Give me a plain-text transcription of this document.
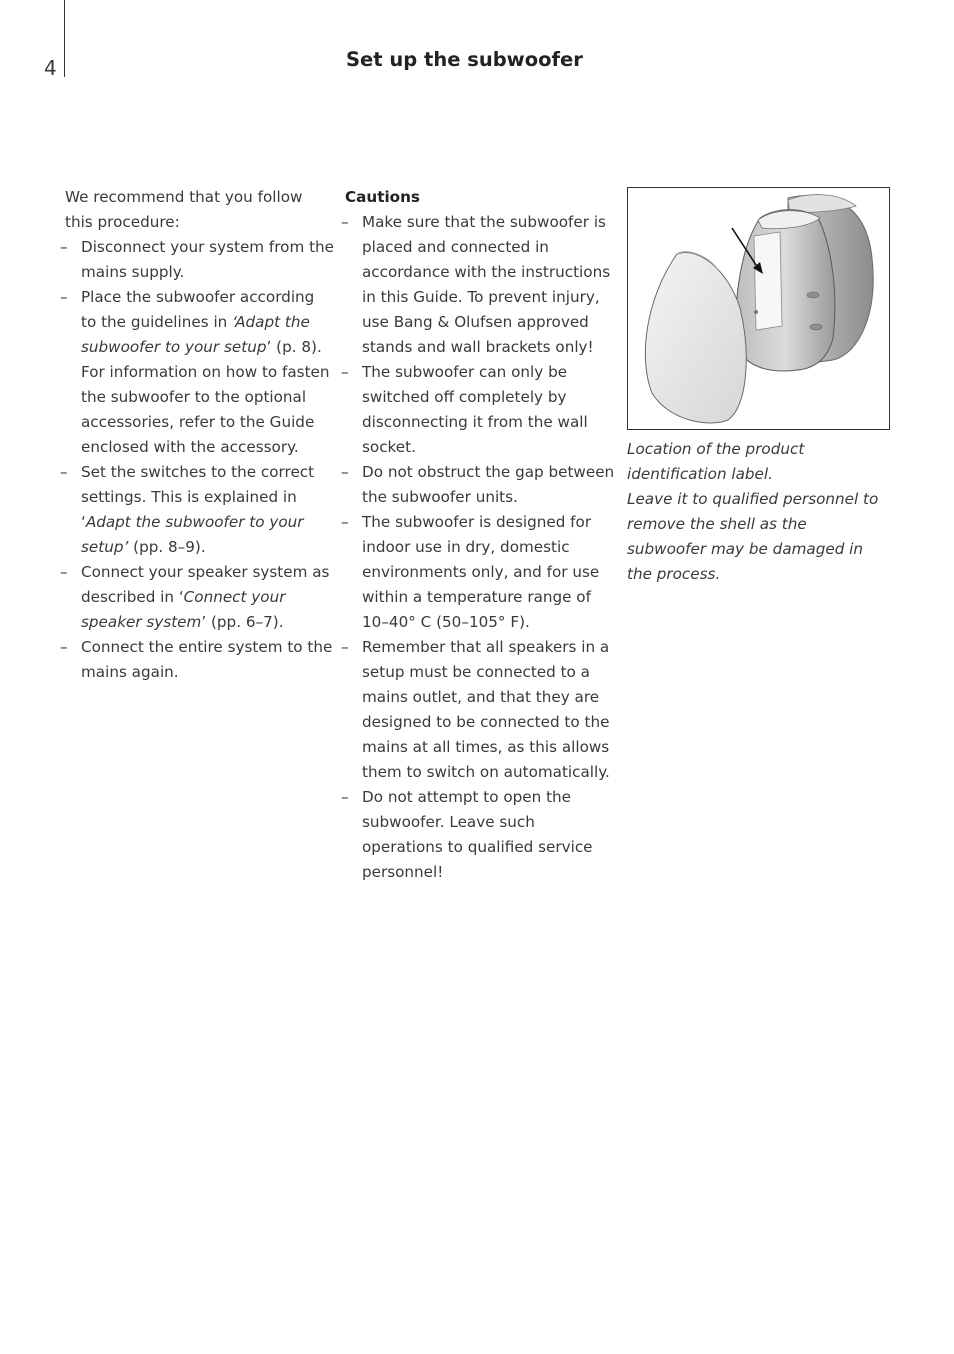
4	Set up the subwoofer

We recommend that you follow this procedure:

– Disconnect your system from the mains supply.
– Place the subwoofer according to the guidelines in ‘Adapt the subwoofer to your setup’ (p. 8). For information on how to fasten the subwoofer to the optional accessories, refer to the Guide enclosed with the accessory.
– Set the switches to the correct settings. This is explained in ‘Adapt the subwoofer to your setup’ (pp. 8–9).
– Connect your speaker system as described in ‘Connect your speaker system’ (pp. 6–7).
– Connect the entire system to the mains again.

Cautions

– Make sure that the subwoofer is placed and connected in accordance with the instructions in this Guide. To prevent injury, use Bang & Olufsen approved stands and wall brackets only!
– The subwoofer can only be switched off completely by disconnecting it from the wall socket.
– Do not obstruct the gap between the subwoofer units.
– The subwoofer is designed for indoor use in dry, domestic environments only, and for use within a temperature range of 10–40° C (50–105° F).
– Remember that all speakers in a setup must be connected to a mains outlet, and that they are designed to be connected to the mains at all times, as this allows them to switch on automatically.
– Do not attempt to open the subwoofer. Leave such operations to qualified service personnel!

Location of the product identification label.

Leave it to qualified personnel to remove the shell as the subwoofer may be damaged in the process.
